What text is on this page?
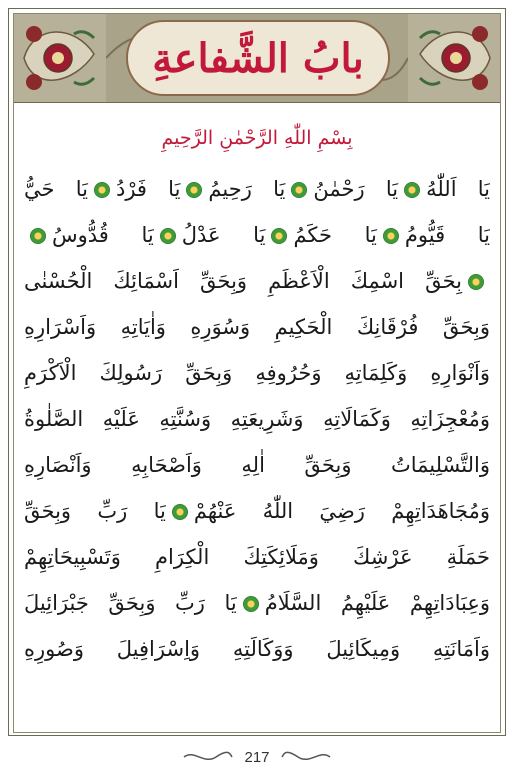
بابُ الشَّفاعةِ
بِسْمِ اللّٰهِ الرَّحْمٰنِ الرَّحِيمِ
يَا اَللّٰهُيَا رَحْمٰنُيَا رَحِيمُيَا فَرْدُيَا حَيُّ
يَا قَيُّومُيَا حَكَمُيَا عَدْلُيَا قُدُّوسُ
بِحَقِّ اسْمِكَ الْاَعْظَمِ وَبِحَقِّ اَسْمَائِكَ الْحُسْنٰى
وَبِحَقِّ فُرْقَانِكَ الْحَكِيمِ وَسُوَرِهِ وَاٰيَاتِهِ وَاَسْرَارِهِ
وَاَنْوَارِهِ وَكَلِمَاتِهِ وَحُرُوفِهِ وَبِحَقِّ رَسُولِكَ الْاَكْرَمِ
وَمُعْجِزَاتِهِ وَكَمَالَاتِهِ وَشَرِيعَتِهِ وَسُنَّتِهِ عَلَيْهِ الصَّلٰوةُ
وَالتَّسْلِيمَاتُ وَبِحَقِّ اٰلِهِ وَاَصْحَابِهِ وَاَنْصَارِهِ
وَمُجَاهَدَاتِهِمْ رَضِيَ اللّٰهُ عَنْهُمْيَا رَبِّ وَبِحَقِّ
حَمَلَةِ عَرْشِكَ وَمَلَائِكَتِكَ الْكِرَامِ وَتَسْبِيحَاتِهِمْ
وَعِبَادَاتِهِمْ عَلَيْهِمُ السَّلَامُيَا رَبِّ وَبِحَقِّ جَبْرَائِيلَ
وَاَمَانَتِهِ وَمِيكَائِيلَ وَوَكَالَتِهِ وَاِسْرَافِيلَ وَصُورِهِ
217
